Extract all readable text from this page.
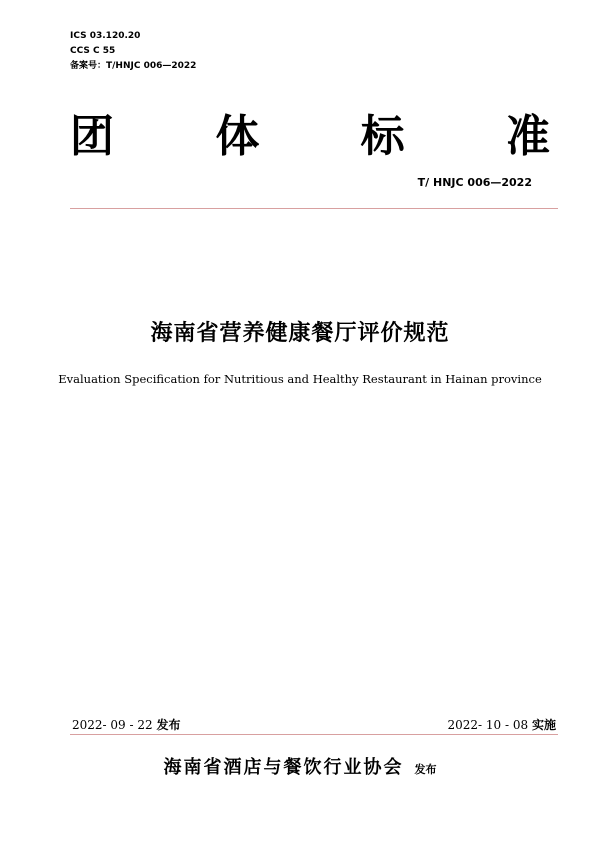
ICS 03.120.20
CCS C 55
备案号：T/HNJC 006—2022
团 体 标 准
T/ HNJC 006—2022
海南省营养健康餐厅评价规范
Evaluation Specification for Nutritious and Healthy Restaurant in Hainan province
2022- 09 - 22 发布	2022- 10 - 08 实施
海南省酒店与餐饮行业协会 发布
